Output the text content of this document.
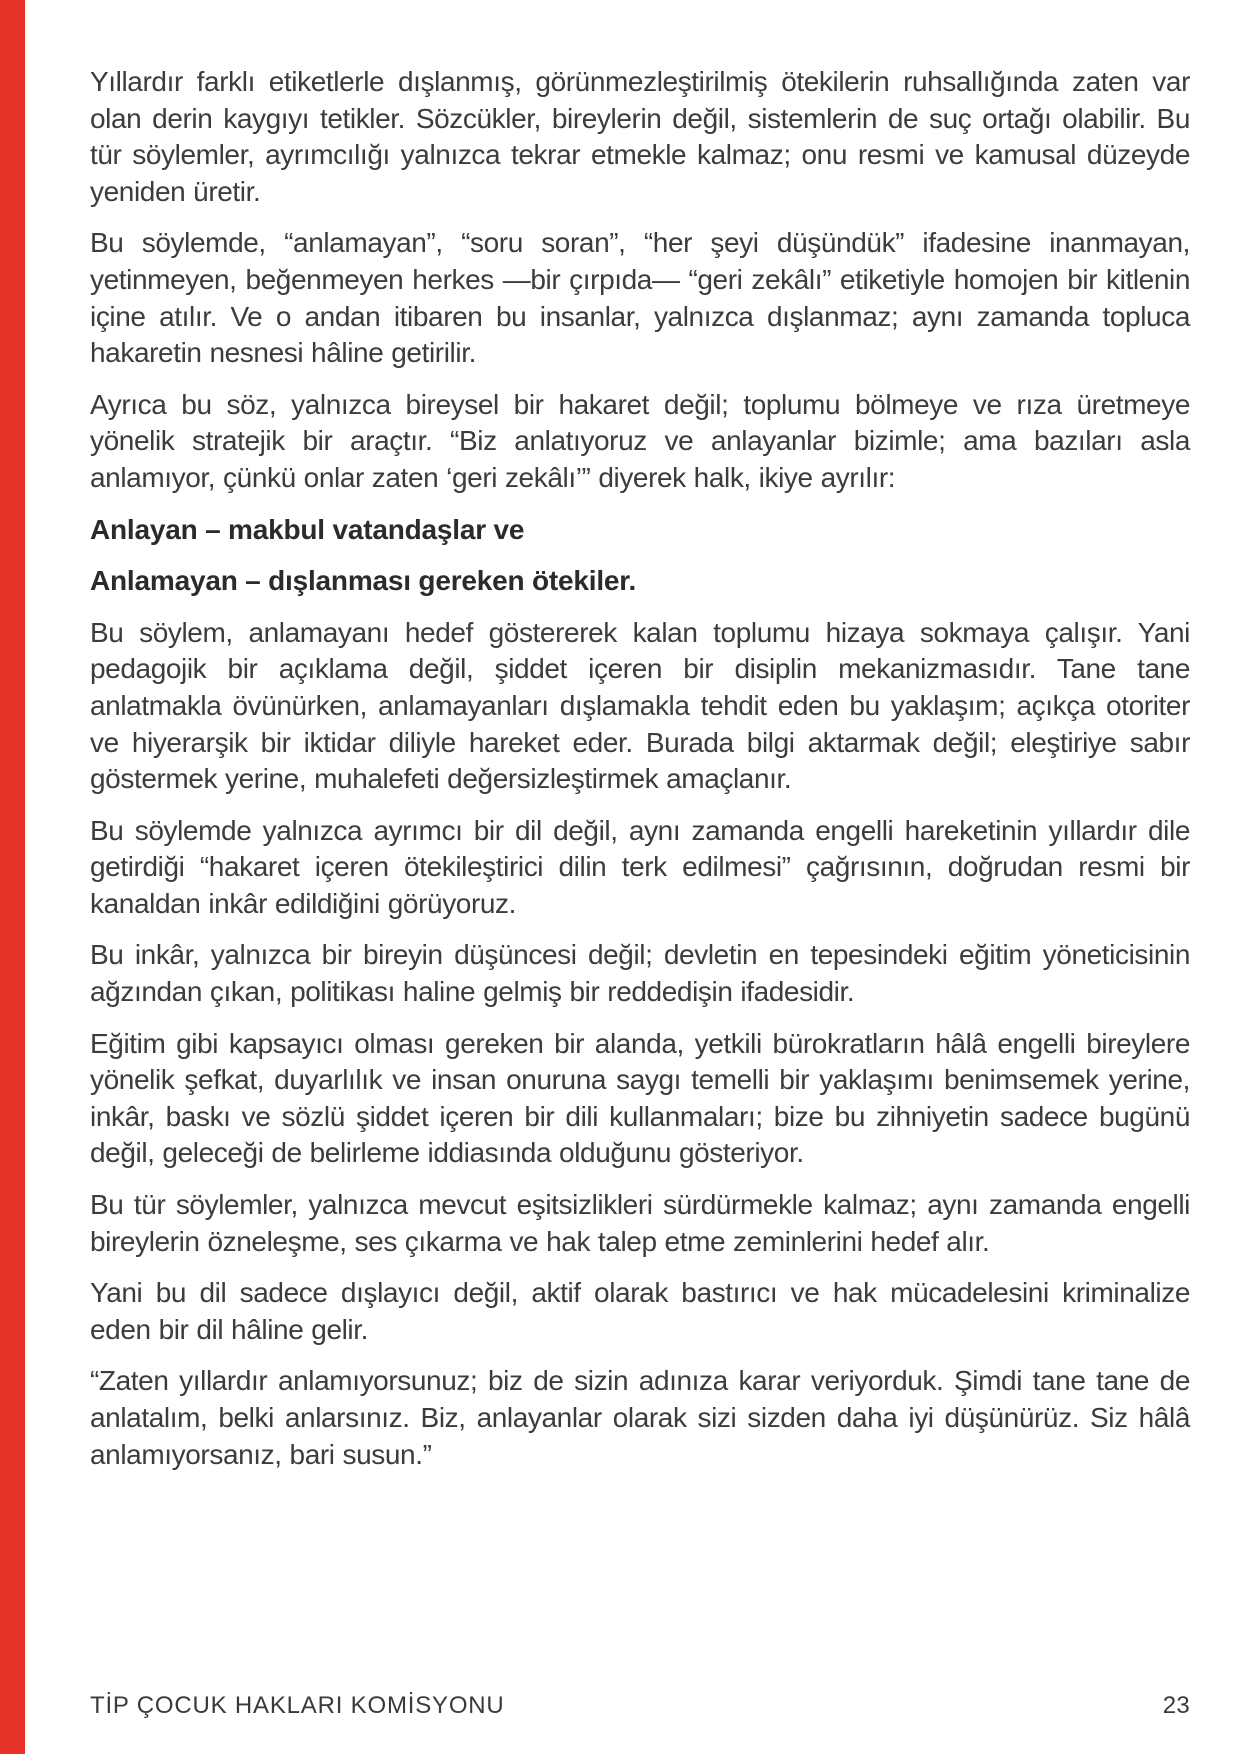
Yıllardır farklı etiketlerle dışlanmış, görünmezleştirilmiş ötekilerin ruhsallığında zaten var olan derin kaygıyı tetikler. Sözcükler, bireylerin değil, sistemlerin de suç ortağı olabilir. Bu tür söylemler, ayrımcılığı yalnızca tekrar etmekle kalmaz; onu resmi ve kamusal düzeyde yeniden üretir.

Bu söylemde, “anlamayan”, “soru soran”, “her şeyi düşündük” ifadesine inanmayan, yetinmeyen, beğenmeyen herkes —bir çırpıda— “geri zekâlı” etiketiyle homojen bir kitlenin içine atılır. Ve o andan itibaren bu insanlar, yalnızca dışlanmaz; aynı zamanda topluca hakaretin nesnesi hâline getirilir.

Ayrıca bu söz, yalnızca bireysel bir hakaret değil; toplumu bölmeye ve rıza üretmeye yönelik stratejik bir araçtır. “Biz anlatıyoruz ve anlayanlar bizimle; ama bazıları asla anlamıyor, çünkü onlar zaten ‘geri zekâlı’” diyerek halk, ikiye ayrılır:

Anlayan – makbul vatandaşlar ve

Anlamayan – dışlanması gereken ötekiler.

Bu söylem, anlamayanı hedef göstererek kalan toplumu hizaya sokmaya çalışır. Yani pedagojik bir açıklama değil, şiddet içeren bir disiplin mekanizmasıdır. Tane tane anlatmakla övünürken, anlamayanları dışlamakla tehdit eden bu yaklaşım; açıkça otoriter ve hiyerarşik bir iktidar diliyle hareket eder. Burada bilgi aktarmak değil; eleştiriye sabır göstermek yerine, muhalefeti değersizleştirmek amaçlanır.

Bu söylemde yalnızca ayrımcı bir dil değil, aynı zamanda engelli hareketinin yıllardır dile getirdiği “hakaret içeren ötekileştirici dilin terk edilmesi” çağrısının, doğrudan resmi bir kanaldan inkâr edildiğini görüyoruz.

Bu inkâr, yalnızca bir bireyin düşüncesi değil; devletin en tepesindeki eğitim yöneticisinin ağzından çıkan, politikası haline gelmiş bir reddedişin ifadesidir.

Eğitim gibi kapsayıcı olması gereken bir alanda, yetkili bürokratların hâlâ engelli bireylere yönelik şefkat, duyarlılık ve insan onuruna saygı temelli bir yaklaşımı benimsemek yerine, inkâr, baskı ve sözlü şiddet içeren bir dili kullanmaları; bize bu zihniyetin sadece bugünü değil, geleceği de belirleme iddiasında olduğunu gösteriyor.

Bu tür söylemler, yalnızca mevcut eşitsizlikleri sürdürmekle kalmaz; aynı zamanda engelli bireylerin özneleşme, ses çıkarma ve hak talep etme zeminlerini hedef alır.

Yani bu dil sadece dışlayıcı değil, aktif olarak bastırıcı ve hak mücadelesini kriminalize eden bir dil hâline gelir.

“Zaten yıllardır anlamıyorsunuz; biz de sizin adınıza karar veriyorduk. Şimdi tane tane de anlatalım, belki anlarsınız. Biz, anlayanlar olarak sizi sizden daha iyi düşünürüz. Siz hâlâ anlamıyorsanız, bari susun.”

TİP ÇOCUK HAKLARI KOMİSYONU	23
